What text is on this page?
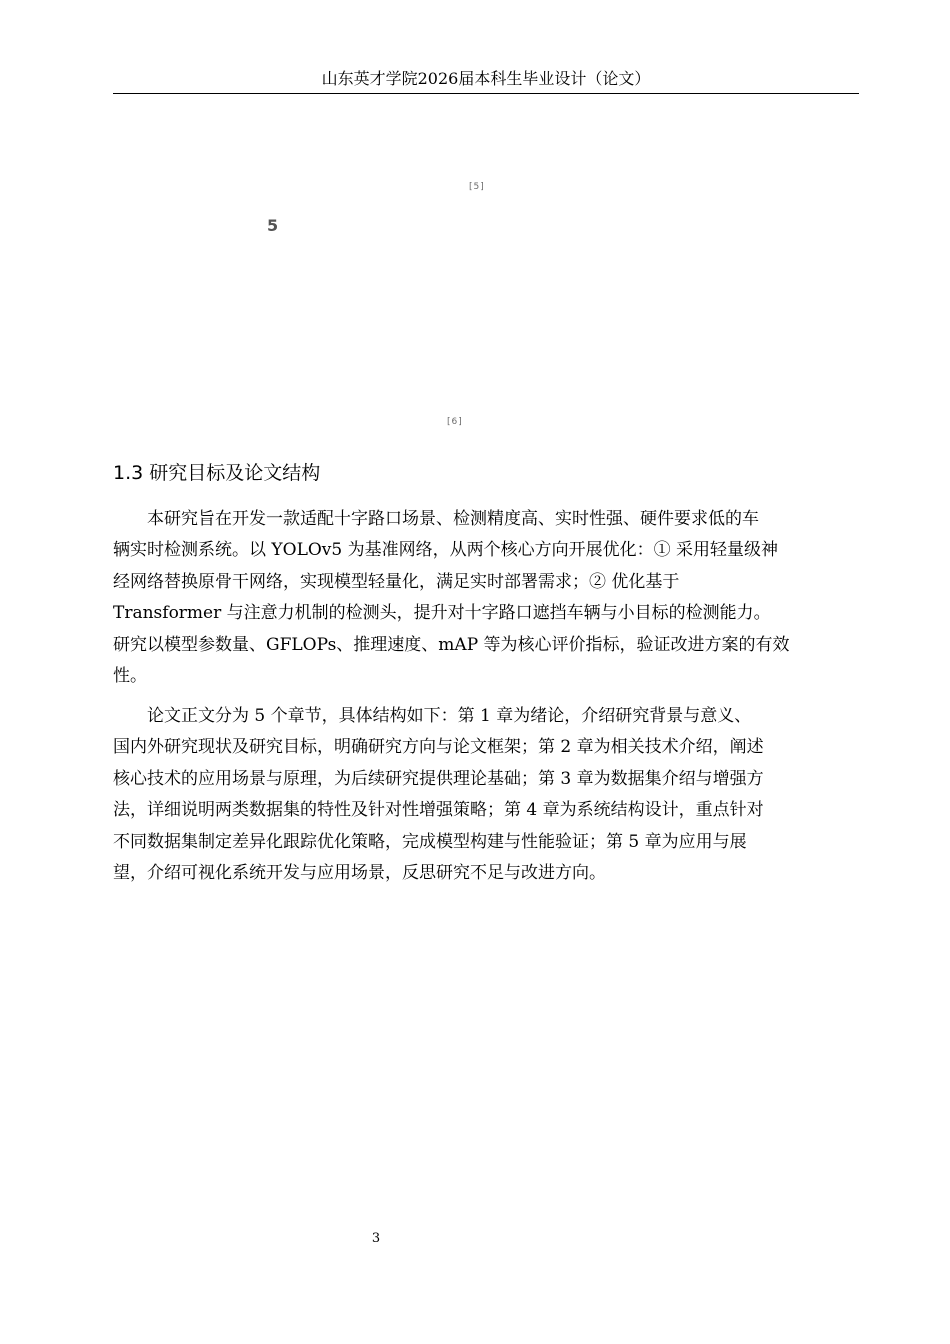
山东英才学院2026届本科生毕业设计（论文）
[5]
5
[6]
1.3 研究目标及论文结构

　　本研究旨在开发一款适配十字路口场景、检测精度高、实时性强、硬件要求低的车
辆实时检测系统。以 YOLOv5 为基准网络，从两个核心方向开展优化：① 采用轻量级神
经网络替换原骨干网络，实现模型轻量化，满足实时部署需求；② 优化基于
Transformer 与注意力机制的检测头，提升对十字路口遮挡车辆与小目标的检测能力。
研究以模型参数量、GFLOPs、推理速度、mAP 等为核心评价指标，验证改进方案的有效
性。

　　论文正文分为 5 个章节，具体结构如下：第 1 章为绪论，介绍研究背景与意义、
国内外研究现状及研究目标，明确研究方向与论文框架；第 2 章为相关技术介绍，阐述
核心技术的应用场景与原理，为后续研究提供理论基础；第 3 章为数据集介绍与增强方
法，详细说明两类数据集的特性及针对性增强策略；第 4 章为系统结构设计，重点针对
不同数据集制定差异化跟踪优化策略，完成模型构建与性能验证；第 5 章为应用与展
望，介绍可视化系统开发与应用场景，反思研究不足与改进方向。

3
